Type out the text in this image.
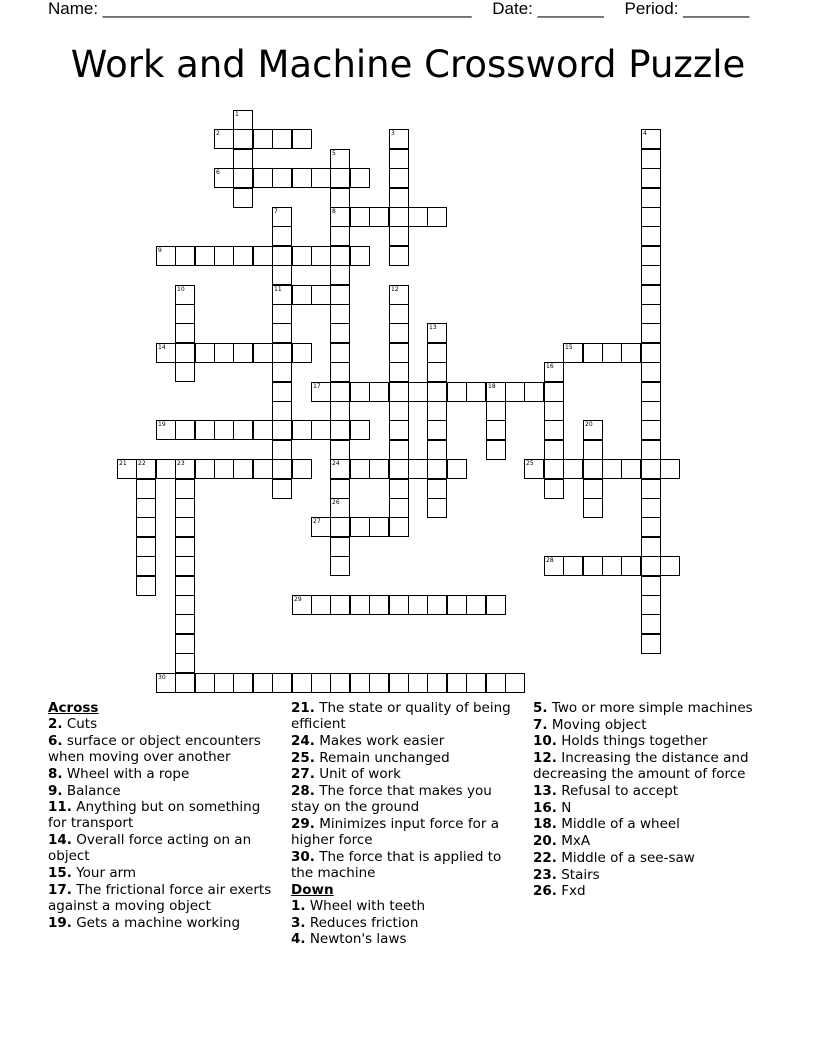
Name: _______________________________________ Date: _______ Period: _______
Work and Machine Crossword Puzzle
1
2	3	4
5
8
24
26
6
7
11
9
10	12
13
14	15
16
17	18
19	20
21 22	23	25
27
28
29
30
Across
2. Cuts
6. surface or object encounters when moving over another
8. Wheel with a rope
9. Balance
11. Anything but on something for transport
14. Overall force acting on an object
15. Your arm
17. The frictional force air exerts against a moving object
19. Gets a machine working
21. The state or quality of being efficient
24. Makes work easier
25. Remain unchanged
27. Unit of work
28. The force that makes you stay on the ground
29. Minimizes input force for a higher force
30. The force that is applied to the machine
Down
1. Wheel with teeth
3. Reduces friction
4. Newton's laws
5. Two or more simple machines
7. Moving object
10. Holds things together
12. Increasing the distance and decreasing the amount of force
13. Refusal to accept
16. N
18. Middle of a wheel
20. MxA
22. Middle of a see-saw
23. Stairs
26. Fxd
